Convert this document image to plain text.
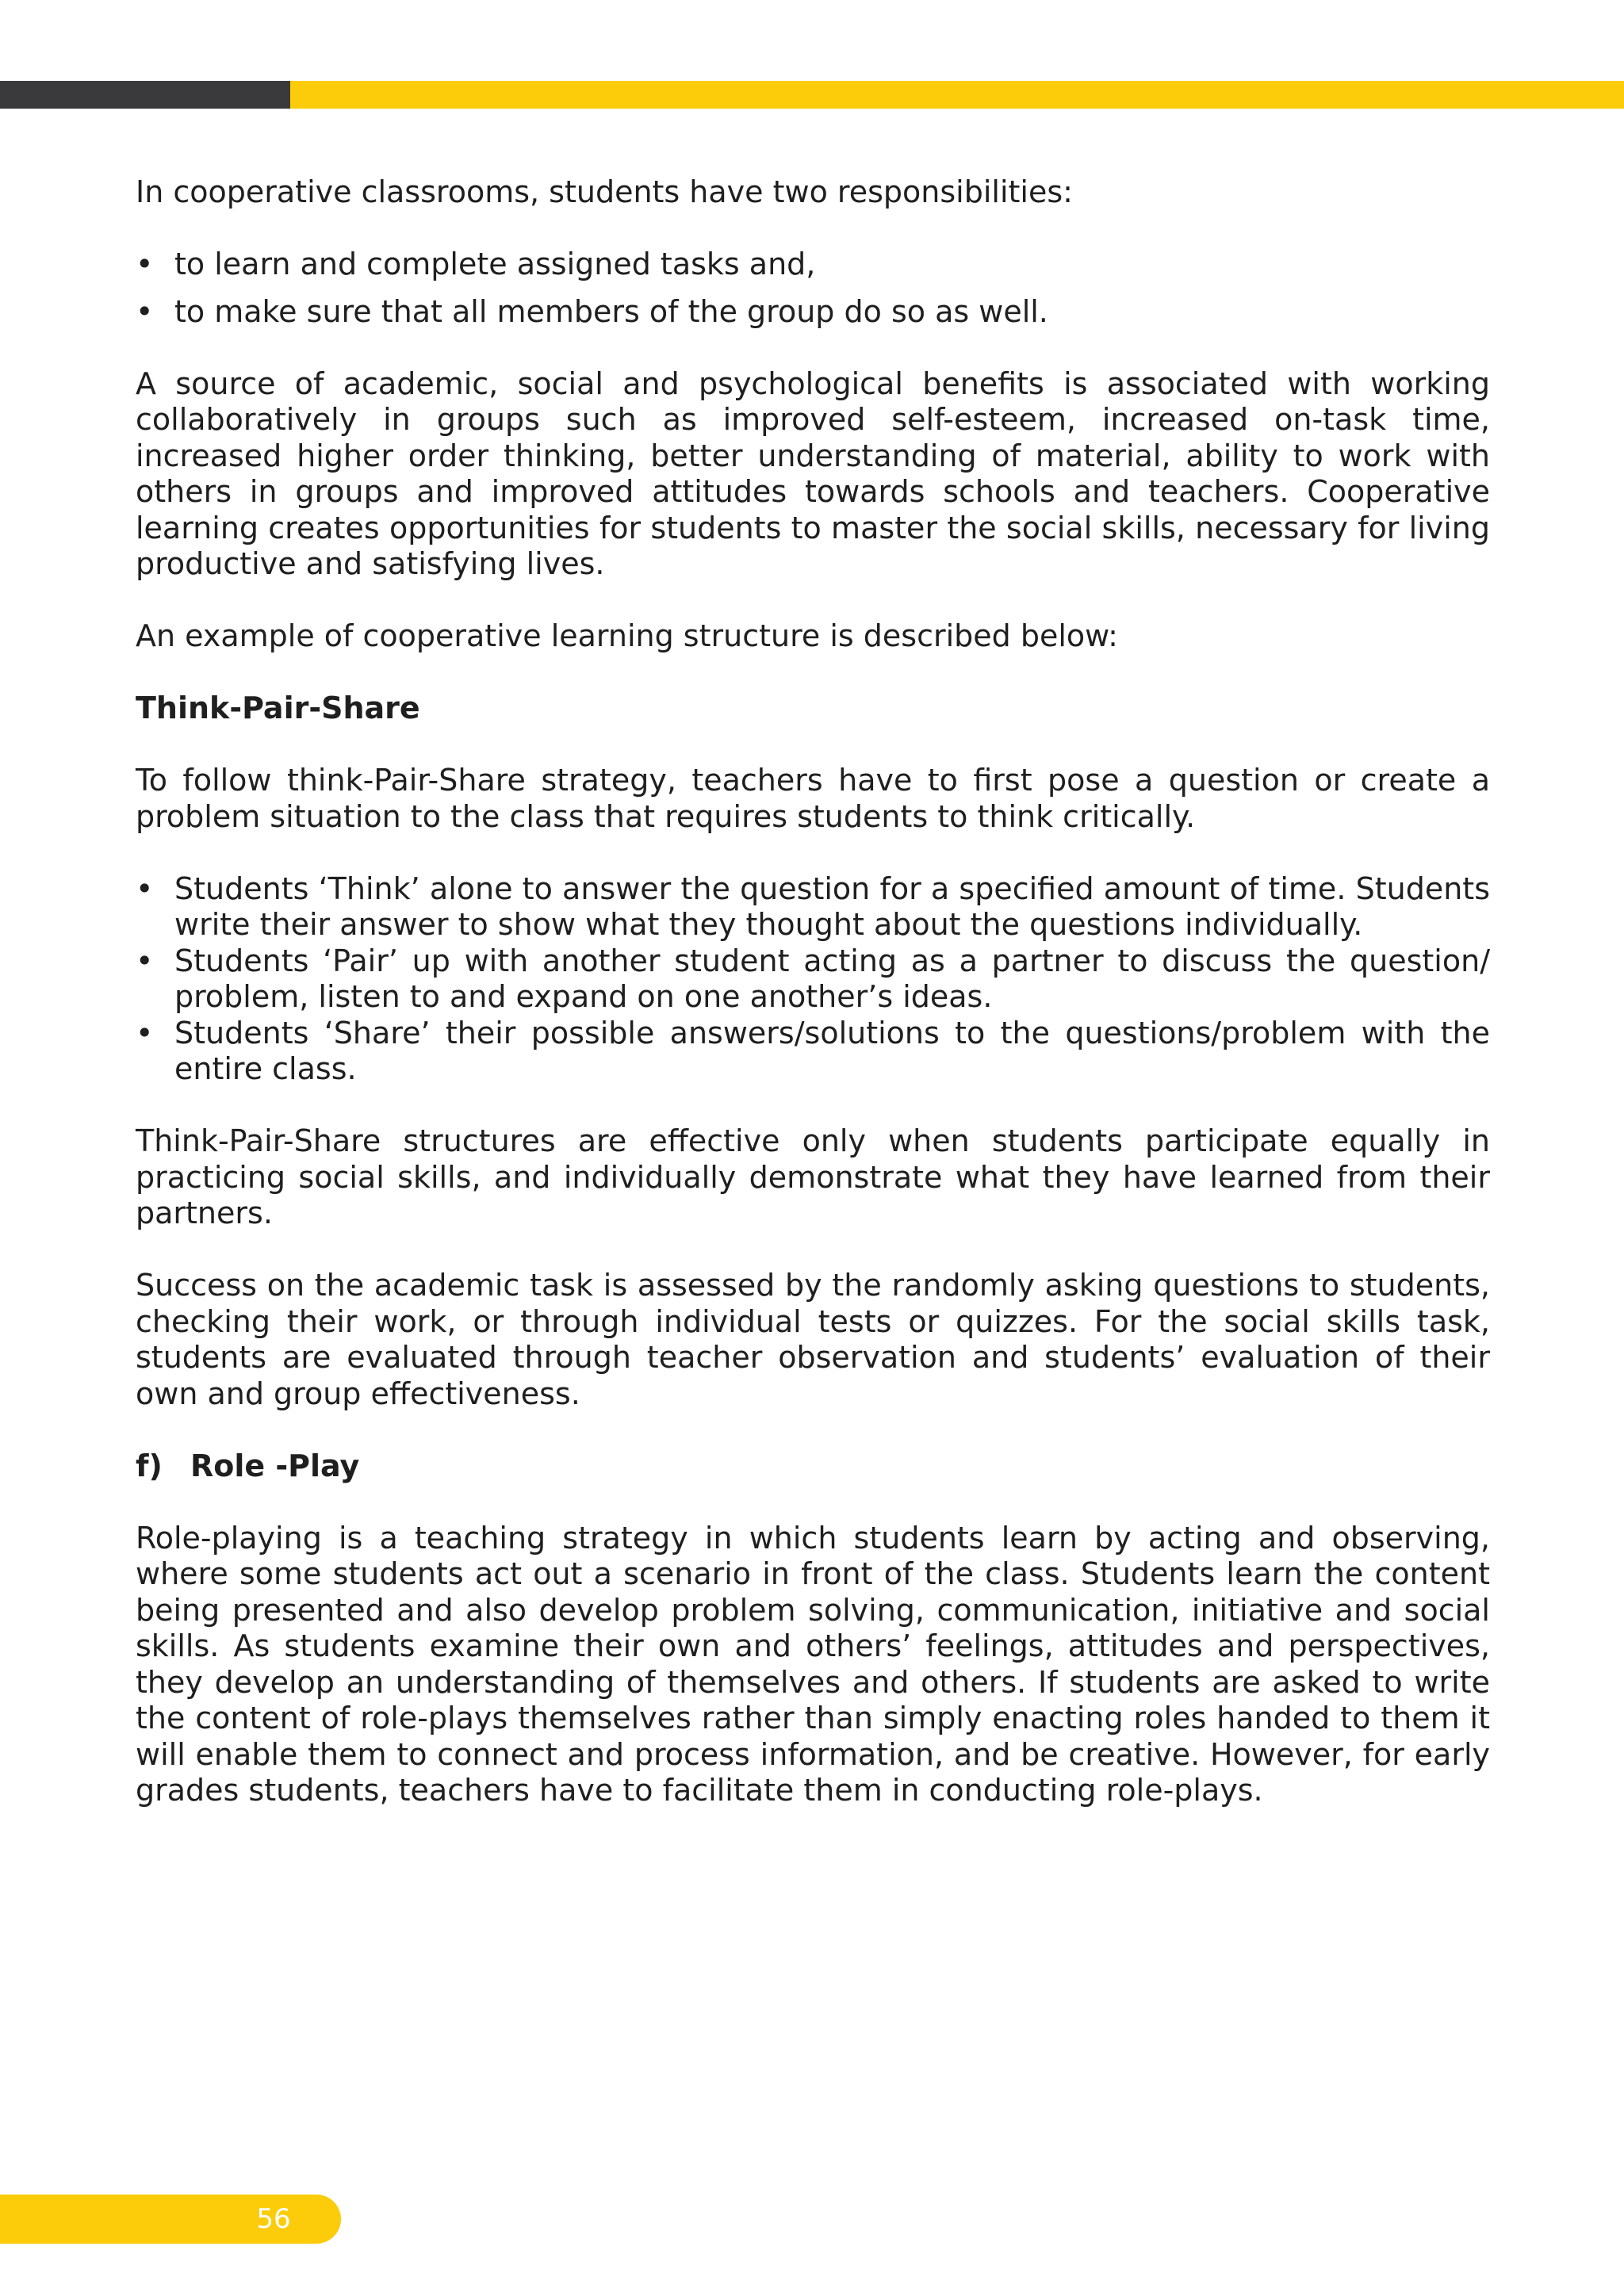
In cooperative classrooms, students have two responsibilities:

• to learn and complete assigned tasks and,
• to make sure that all members of the group do so as well.

A source of academic, social and psychological benefits is associated with working collaboratively in groups such as improved self-esteem, increased on-task time, increased higher order thinking, better understanding of material, ability to work with others in groups and improved attitudes towards schools and teachers. Cooperative learning creates opportunities for students to master the social skills, necessary for living productive and satisfying lives.

An example of cooperative learning structure is described below:

Think-Pair-Share

To follow think-Pair-Share strategy, teachers have to first pose a question or create a problem situation to the class that requires students to think critically.

• Students ‘Think’ alone to answer the question for a specified amount of time. Students write their answer to show what they thought about the questions individually.
• Students ‘Pair’ up with another student acting as a partner to discuss the question/ problem, listen to and expand on one another’s ideas.
• Students ‘Share’ their possible answers/solutions to the questions/problem with the entire class.

Think-Pair-Share structures are effective only when students participate equally in practicing social skills, and individually demonstrate what they have learned from their partners.

Success on the academic task is assessed by the randomly asking questions to students, checking their work, or through individual tests or quizzes. For the social skills task, students are evaluated through teacher observation and students’ evaluation of their own and group effectiveness.

f) Role -Play

Role-playing is a teaching strategy in which students learn by acting and observing, where some students act out a scenario in front of the class. Students learn the content being presented and also develop problem solving, communication, initiative and social skills. As students examine their own and others’ feelings, attitudes and perspectives, they develop an understanding of themselves and others. If students are asked to write the content of role-plays themselves rather than simply enacting roles handed to them it will enable them to connect and process information, and be creative. However, for early grades students, teachers have to facilitate them in conducting role-plays.

56
